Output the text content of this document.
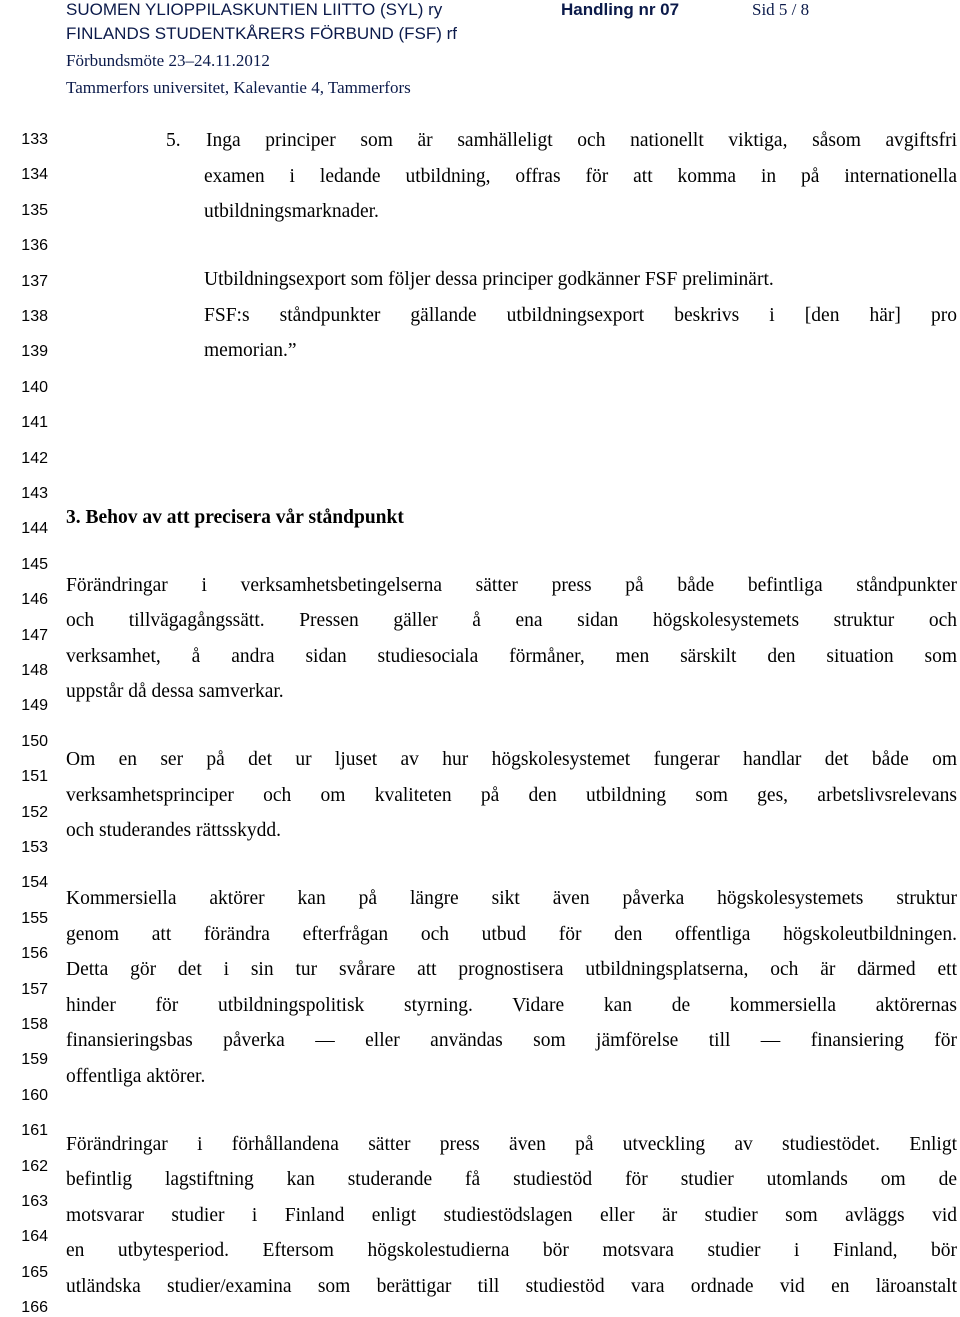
SUOMEN YLIOPPILASKUNTIEN LIITTO (SYL) ry
FINLANDS STUDENTKÅRERS FÖRBUND (FSF) rf
Förbundsmöte 23–24.11.2012
Tammerfors universitet, Kalevantie 4, Tammerfors
Handling nr 07	Sid 5 / 8
133
134
135
136
137
138
139
140
141
142
143
144
145
146
147
148
149
150
151
152
153
154
155
156
157
158
159
160
161
162
163
164
165
166
5. Inga principer som är samhälleligt och nationellt viktiga, såsom avgiftsfri
examen i ledande utbildning, offras för att komma in på internationella
utbildningsmarknader.
Utbildningsexport som följer dessa principer godkänner FSF preliminärt.
FSF:s ståndpunkter gällande utbildningsexport beskrivs i [den här] pro
memorian.”
3. Behov av att precisera vår ståndpunkt
Förändringar i verksamhetsbetingelserna sätter press på både befintliga ståndpunkter
och tillvägagångssätt. Pressen gäller å ena sidan högskolesystemets struktur och
verksamhet, å andra sidan studiesociala förmåner, men särskilt den situation som
uppstår då dessa samverkar.
Om en ser på det ur ljuset av hur högskolesystemet fungerar handlar det både om
verksamhetsprinciper och om kvaliteten på den utbildning som ges, arbetslivsrelevans
och studerandes rättsskydd.
Kommersiella aktörer kan på längre sikt även påverka högskolesystemets struktur
genom att förändra efterfrågan och utbud för den offentliga högskoleutbildningen.
Detta gör det i sin tur svårare att prognostisera utbildningsplatserna, och är därmed ett
hinder för utbildningspolitisk styrning. Vidare kan de kommersiella aktörernas
finansieringsbas påverka — eller användas som jämförelse till — finansiering för
offentliga aktörer.
Förändringar i förhållandena sätter press även på utveckling av studiestödet. Enligt
befintlig lagstiftning kan studerande få studiestöd för studier utomlands om de
motsvarar studier i Finland enligt studiestödslagen eller är studier som avläggs vid
en utbytesperiod. Eftersom högskolestudierna bör motsvara studier i Finland, bör
utländska studier/examina som berättigar till studiestöd vara ordnade vid en läroanstalt
